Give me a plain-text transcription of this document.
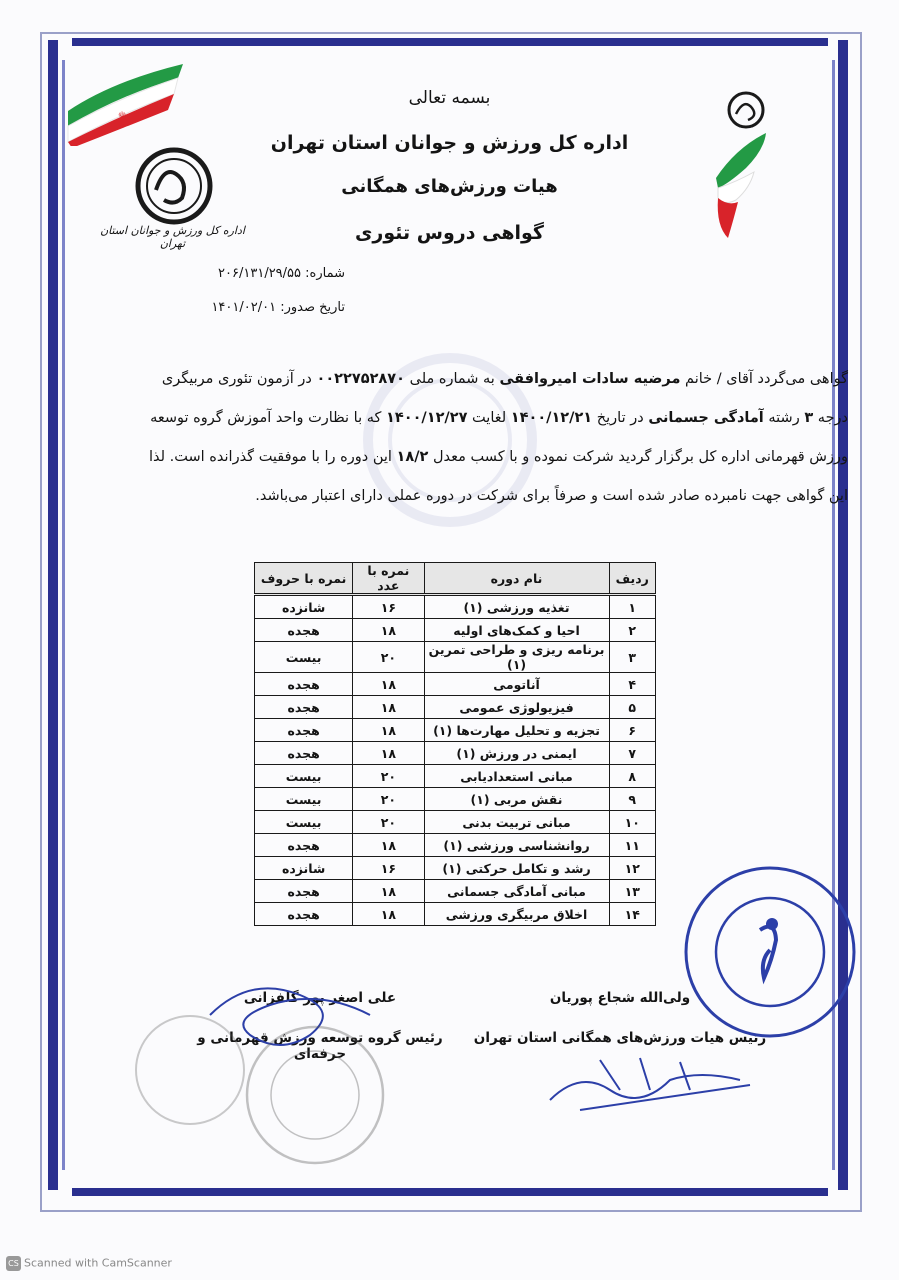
☫
اداره کل ورزش و جوانان استان تهران
بسمه تعالی
اداره کل ورزش و جوانان استان تهران
هیات ورزش‌های همگانی
گواهی دروس تئوری
شماره: ۲۰۶/۱۳۱/۲۹/۵۵
تاریخ صدور: ۱۴۰۱/۰۲/۰۱
گواهی می‌گردد آقای / خانم مرضیه سادات امیروافقی به شماره ملی ۰۰۲۲۷۵۲۸۷۰ در آزمون تئوری مربیگری درجه ۳ رشته آمادگی جسمانی در تاریخ ۱۴۰۰/۱۲/۲۱ لغایت ۱۴۰۰/۱۲/۲۷ که با نظارت واحد آموزش گروه توسعه ورزش قهرمانی اداره کل برگزار گردید شرکت نموده و با کسب معدل ۱۸/۲ این دوره را با موفقیت گذرانده است. لذا این گواهی جهت نامبرده صادر شده است و صرفاً برای شرکت در دوره عملی دارای اعتبار می‌باشد.
ردیف	نام دوره	نمره با عدد	نمره با حروف
۱	تغذیه ورزشی (۱)	۱۶	شانزده
۲	احیا و کمک‌های اولیه	۱۸	هجده
۳	برنامه ریزی و طراحی تمرین (۱)	۲۰	بیست
۴	آناتومی	۱۸	هجده
۵	فیزیولوژی عمومی	۱۸	هجده
۶	تجزیه و تحلیل مهارت‌ها (۱)	۱۸	هجده
۷	ایمنی در ورزش (۱)	۱۸	هجده
۸	مبانی استعدادیابی	۲۰	بیست
۹	نقش مربی (۱)	۲۰	بیست
۱۰	مبانی تربیت بدنی	۲۰	بیست
۱۱	روانشناسی ورزشی (۱)	۱۸	هجده
۱۲	رشد و تکامل حرکتی (۱)	۱۶	شانزده
۱۳	مبانی آمادگی جسمانی	۱۸	هجده
۱۴	اخلاق مربیگری ورزشی	۱۸	هجده
ولی‌الله شجاع پوریان
رئیس هیات ورزش‌های همگانی استان تهران
علی اصغر پور گلفزانی
رئیس گروه توسعه ورزش قهرمانی و حرفه‌ای
CS Scanned with CamScanner
